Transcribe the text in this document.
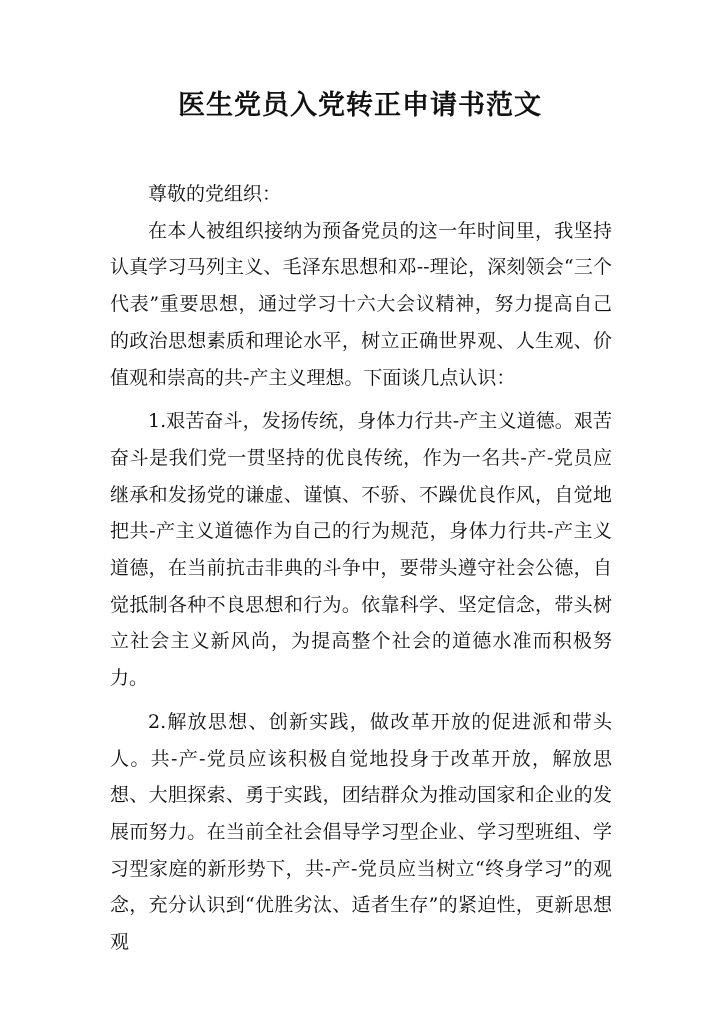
医生党员入党转正申请书范文

尊敬的党组织：

在本人被组织接纳为预备党员的这一年时间里，我坚持认真学习马列主义、毛泽东思想和邓--理论，深刻领会“三个代表”重要思想，通过学习十六大会议精神，努力提高自己的政治思想素质和理论水平，树立正确世界观、人生观、价值观和崇高的共-产主义理想。下面谈几点认识：

1.艰苦奋斗，发扬传统，身体力行共-产主义道德。艰苦奋斗是我们党一贯坚持的优良传统，作为一名共-产-党员应继承和发扬党的谦虚、谨慎、不骄、不躁优良作风，自觉地把共-产主义道德作为自己的行为规范，身体力行共-产主义道德，在当前抗击非典的斗争中，要带头遵守社会公德，自觉抵制各种不良思想和行为。依靠科学、坚定信念，带头树立社会主义新风尚，为提高整个社会的道德水准而积极努力。

2.解放思想、创新实践，做改革开放的促进派和带头人。共-产-党员应该积极自觉地投身于改革开放，解放思想、大胆探索、勇于实践，团结群众为推动国家和企业的发展而努力。在当前全社会倡导学习型企业、学习型班组、学习型家庭的新形势下，共-产-党员应当树立“终身学习”的观念，充分认识到“优胜劣汰、适者生存”的紧迫性，更新思想观
